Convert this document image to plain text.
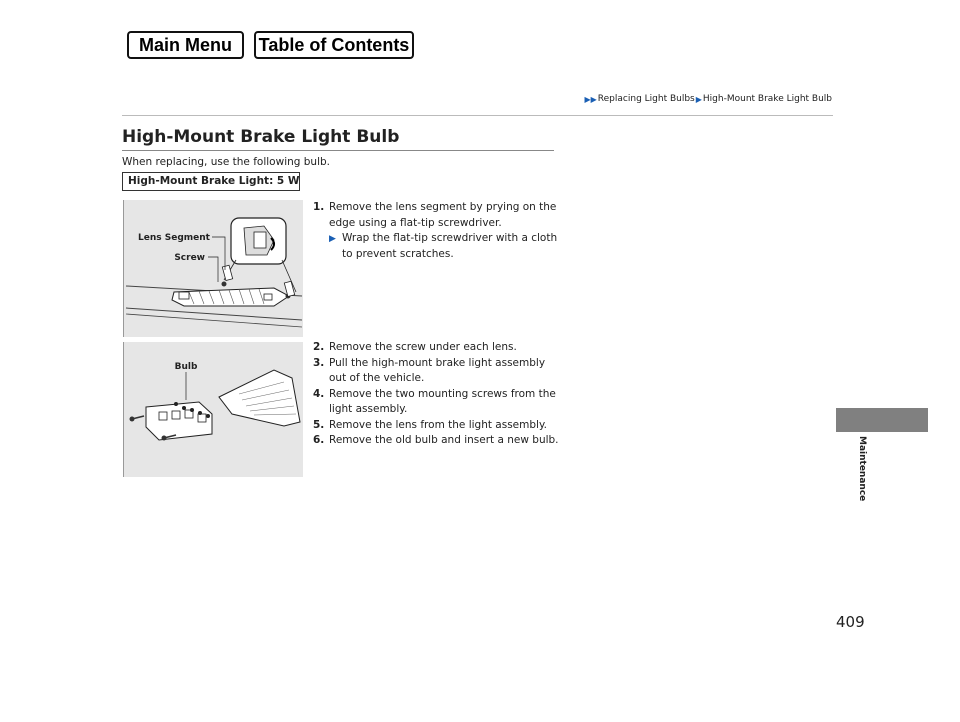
Main Menu	Table of Contents
▶▶ Replacing Light Bulbs ▶ High-Mount Brake Light Bulb
High-Mount Brake Light Bulb
When replacing, use the following bulb.
High-Mount Brake Light: 5 W
Lens Segment
Screw
Bulb
1. Remove the lens segment by prying on the edge using a flat-tip screwdriver.
▶ Wrap the flat-tip screwdriver with a cloth to prevent scratches.
2. Remove the screw under each lens.
3. Pull the high-mount brake light assembly out of the vehicle.
4. Remove the two mounting screws from the light assembly.
5. Remove the lens from the light assembly.
6. Remove the old bulb and insert a new bulb.	Maintenance
409
